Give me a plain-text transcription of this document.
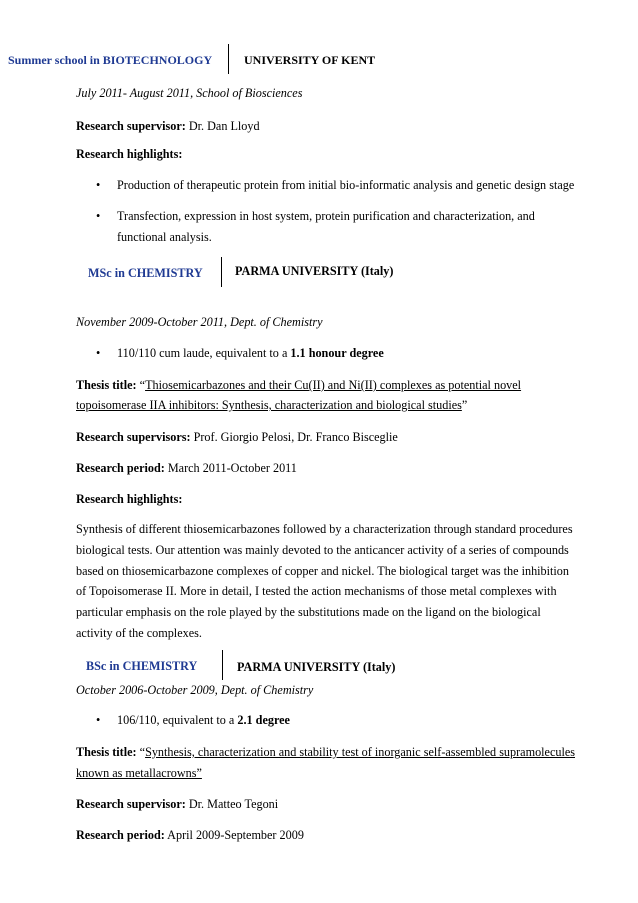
Summer school in BIOTECHNOLOGY	UNIVERSITY OF KENT
July 2011- August 2011, School of Biosciences
Research supervisor: Dr. Dan Lloyd
Research highlights:
• Production of therapeutic protein from initial bio-informatic analysis and genetic design stage
• Transfection, expression in host system, protein purification and characterization, and
functional analysis.
MSc in CHEMISTRY	PARMA UNIVERSITY (Italy)
November 2009-October 2011, Dept. of Chemistry
• 110/110 cum laude, equivalent to a 1.1 honour degree
Thesis title: “Thiosemicarbazones and their Cu(II) and Ni(II) complexes as potential novel
topoisomerase IIA inhibitors: Synthesis, characterization and biological studies”
Research supervisors: Prof. Giorgio Pelosi, Dr. Franco Bisceglie
Research period: March 2011-October 2011
Research highlights:
Synthesis of different thiosemicarbazones followed by a characterization through standard procedures
biological tests. Our attention was mainly devoted to the anticancer activity of a series of compounds
based on thiosemicarbazone complexes of copper and nickel. The biological target was the inhibition
of Topoisomerase II. More in detail, I tested the action mechanisms of those metal complexes with
particular emphasis on the role played by the substitutions made on the ligand on the biological
activity of the complexes.
BSc in CHEMISTRY	PARMA UNIVERSITY (Italy)
October 2006-October 2009, Dept. of Chemistry
• 106/110, equivalent to a 2.1 degree
Thesis title: “Synthesis, characterization and stability test of inorganic self-assembled supramolecules
known as metallacrowns”
Research supervisor: Dr. Matteo Tegoni
Research period: April 2009-September 2009
